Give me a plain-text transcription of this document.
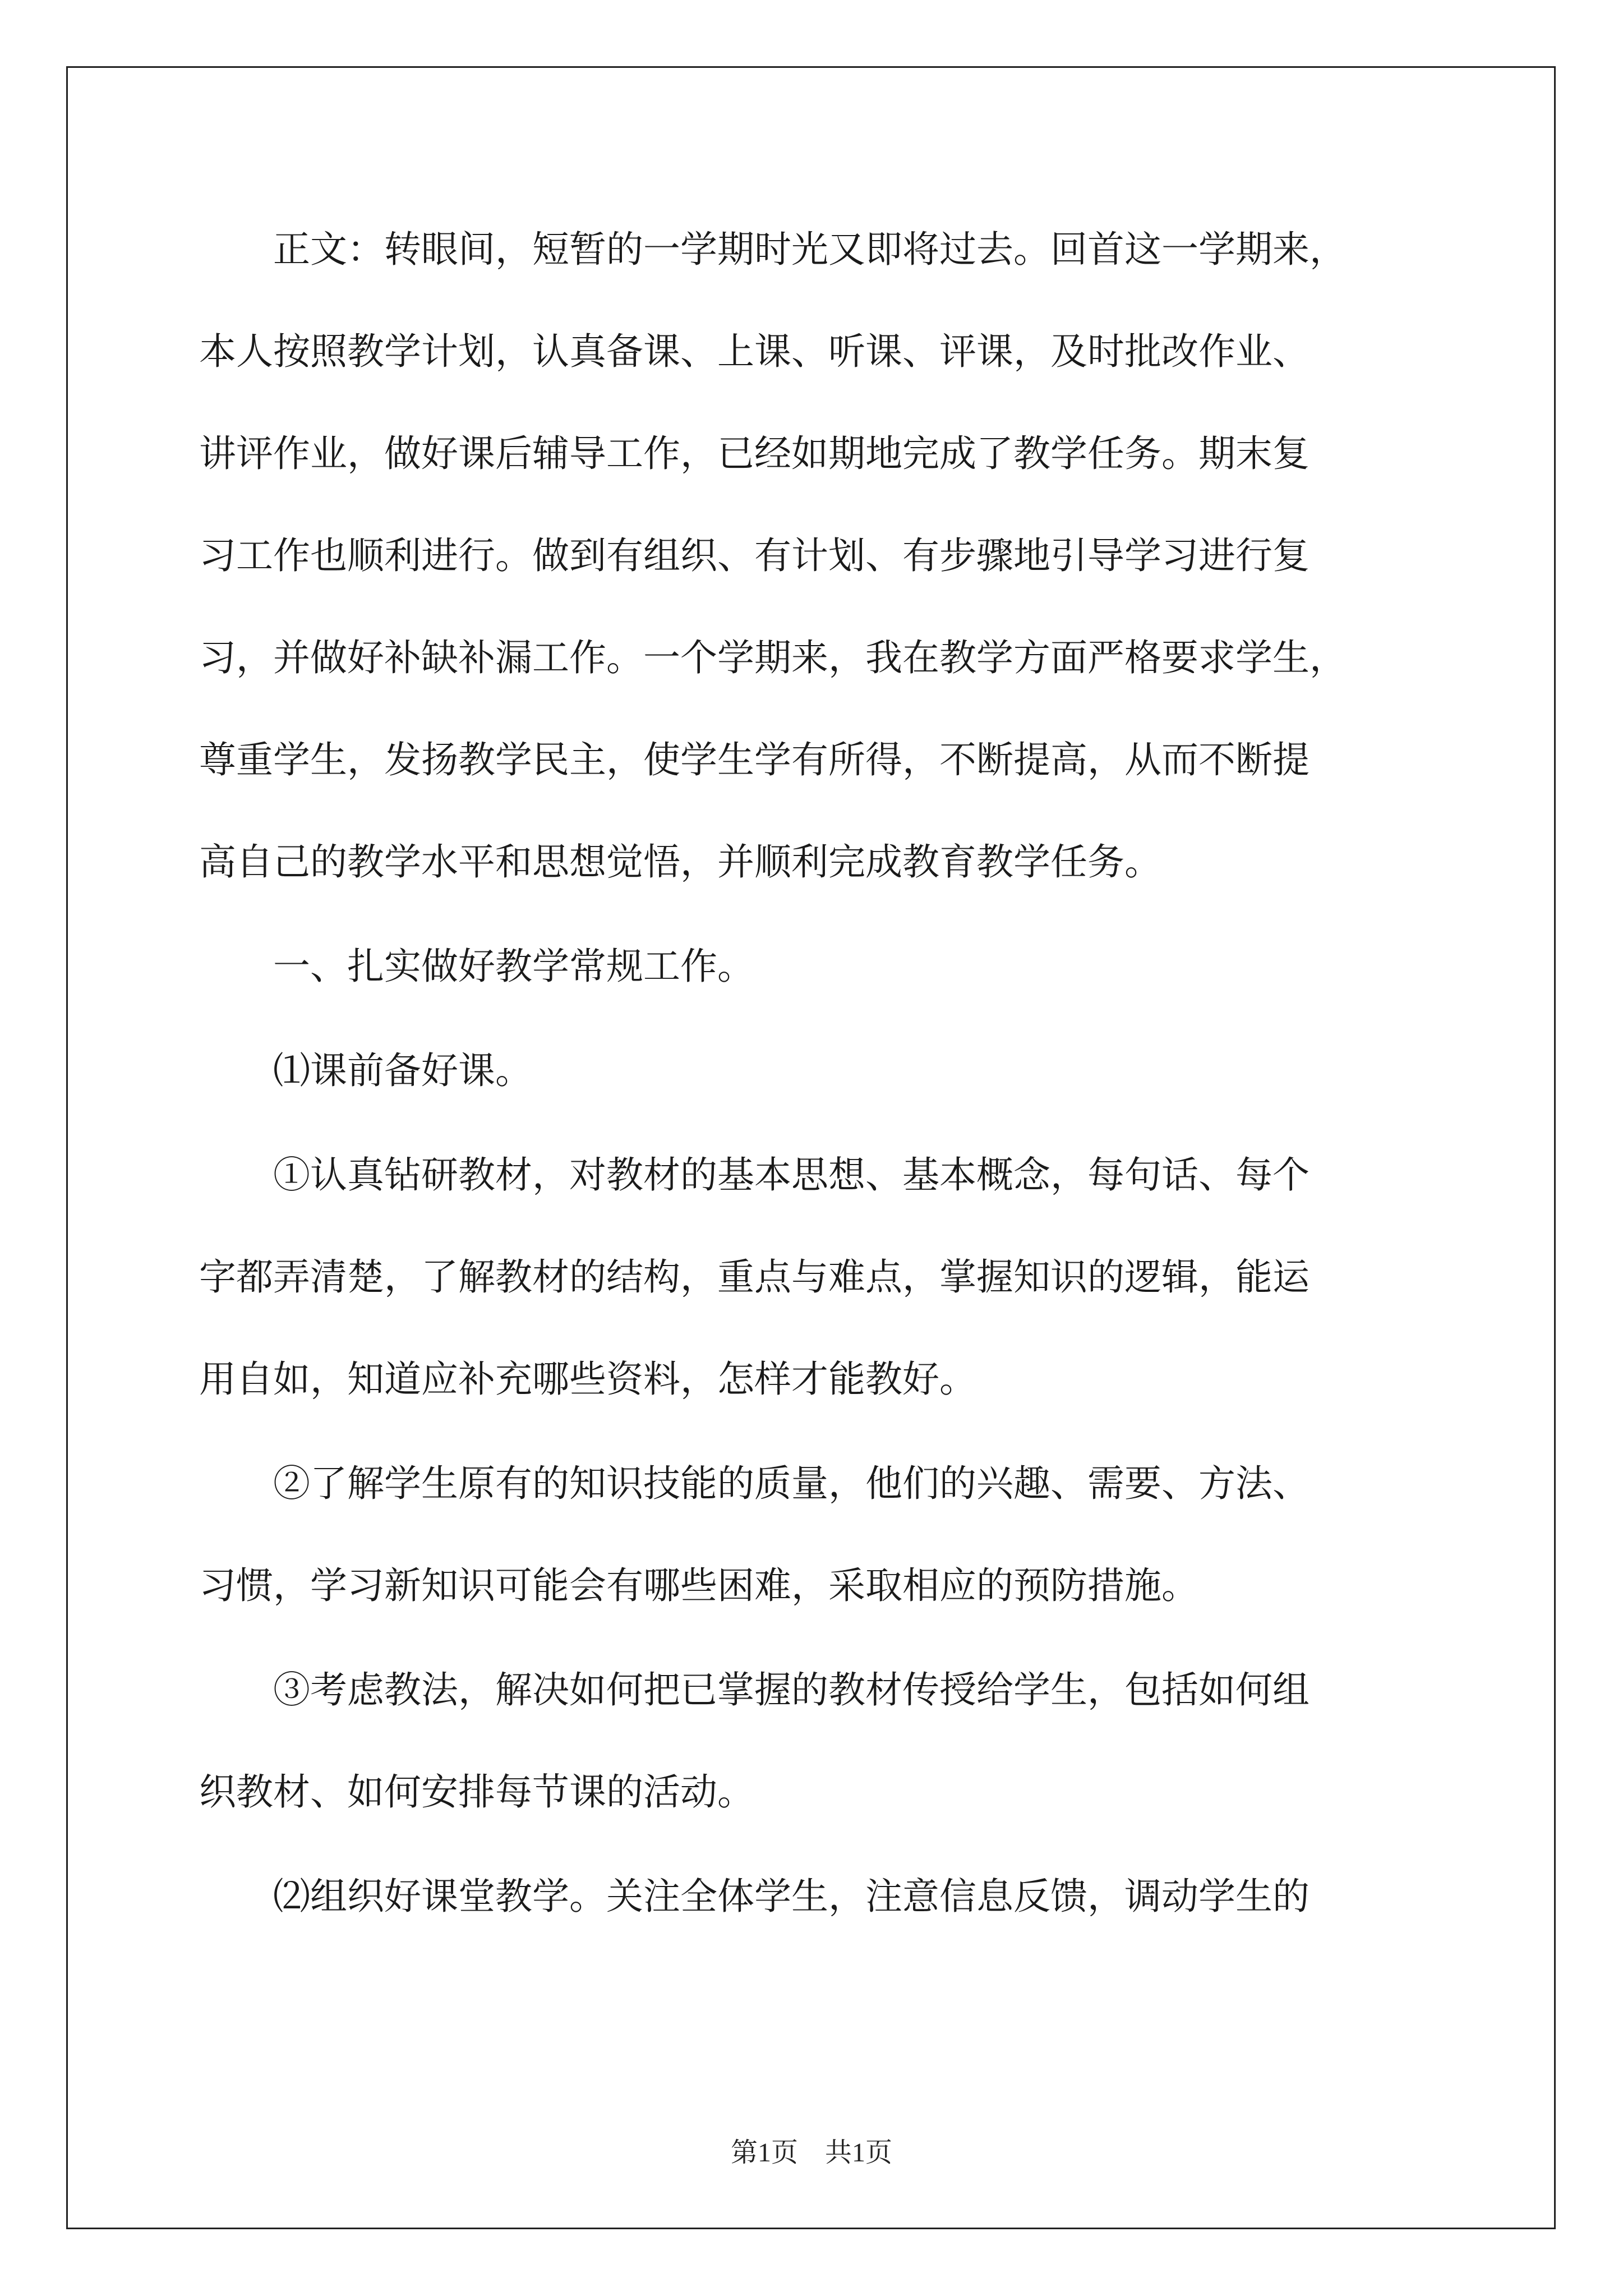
　　正文：转眼间，短暂的一学期时光又即将过去。回首这一学期来，

本人按照教学计划，认真备课、上课、听课、评课，及时批改作业、

讲评作业，做好课后辅导工作，已经如期地完成了教学任务。期末复

习工作也顺利进行。做到有组织、有计划、有步骤地引导学习进行复

习，并做好补缺补漏工作。一个学期来，我在教学方面严格要求学生，

尊重学生，发扬教学民主，使学生学有所得，不断提高，从而不断提

高自己的教学水平和思想觉悟，并顺利完成教育教学任务。

　　一、扎实做好教学常规工作。

　　⑴课前备好课。

　　①认真钻研教材，对教材的基本思想、基本概念，每句话、每个

字都弄清楚，了解教材的结构，重点与难点，掌握知识的逻辑，能运

用自如，知道应补充哪些资料，怎样才能教好。

　　②了解学生原有的知识技能的质量，他们的兴趣、需要、方法、

习惯，学习新知识可能会有哪些困难，采取相应的预防措施。

　　③考虑教法，解决如何把已掌握的教材传授给学生，包括如何组

织教材、如何安排每节课的活动。

　　⑵组织好课堂教学。关注全体学生，注意信息反馈，调动学生的

第1页　共1页
